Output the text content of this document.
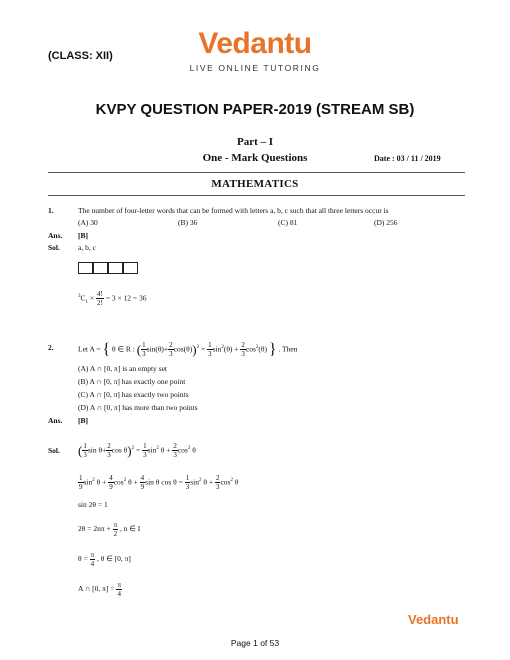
(CLASS: XII)	Vedantu
LIVE ONLINE TUTORING
KVPY QUESTION PAPER-2019 (STREAM SB)
Part – I
One - Mark Questions	Date : 03 / 11 / 2019
MATHEMATICS
1.	The number of four-letter words that can be formed with letters a, b, c such that all three letters occur is
(A) 30	(B) 36	(C) 81	(D) 256
Ans. [B]
Sol. a, b, c
$^3C_1 \times \frac{4!}{2!} = 3 \times 12 = 36$
2.	Let A = { θ ∈ R : ( $\frac{1}{3} \sin(\theta)+ \frac{2}{3} \cos(\theta))^2 = \frac{1}{3} \sin^2(\theta) + \frac{2}{3} \cos^2(\theta)$ } . Then
(A) A ∩ [0, π] is an empty set
(B) A ∩ [0, π] has exactly one point
(C) A ∩ [0, π] has exactly two points
(D) A ∩ [0, π] has more than two points
Ans. [B]
Sol. ( $\frac{1}{3}$ $\sin \theta+ \frac{2}{3}$ $\cos \theta)^2 = \frac{1}{3} \sin^2 \theta + \frac{2}{3} \cos^2 \theta$
$\frac{1}{9} \sin^2 \theta + \frac{4}{9} \cos^2 \theta + \frac{4}{9}$ sin θ $\cos \theta = \frac{1}{3} \sin^2 \theta + \frac{2}{3} \cos^2 \theta$
sin 2θ = 1
$2\theta = 2n\pi + \frac{\pi}{2}$ , n ∈ I
$\theta = \frac{\pi}{4}$ , θ ∈ [0, π]
A ∩ [0, $\pi] = \frac{\pi}{4}$
Vedantu
Page 1 of 53
